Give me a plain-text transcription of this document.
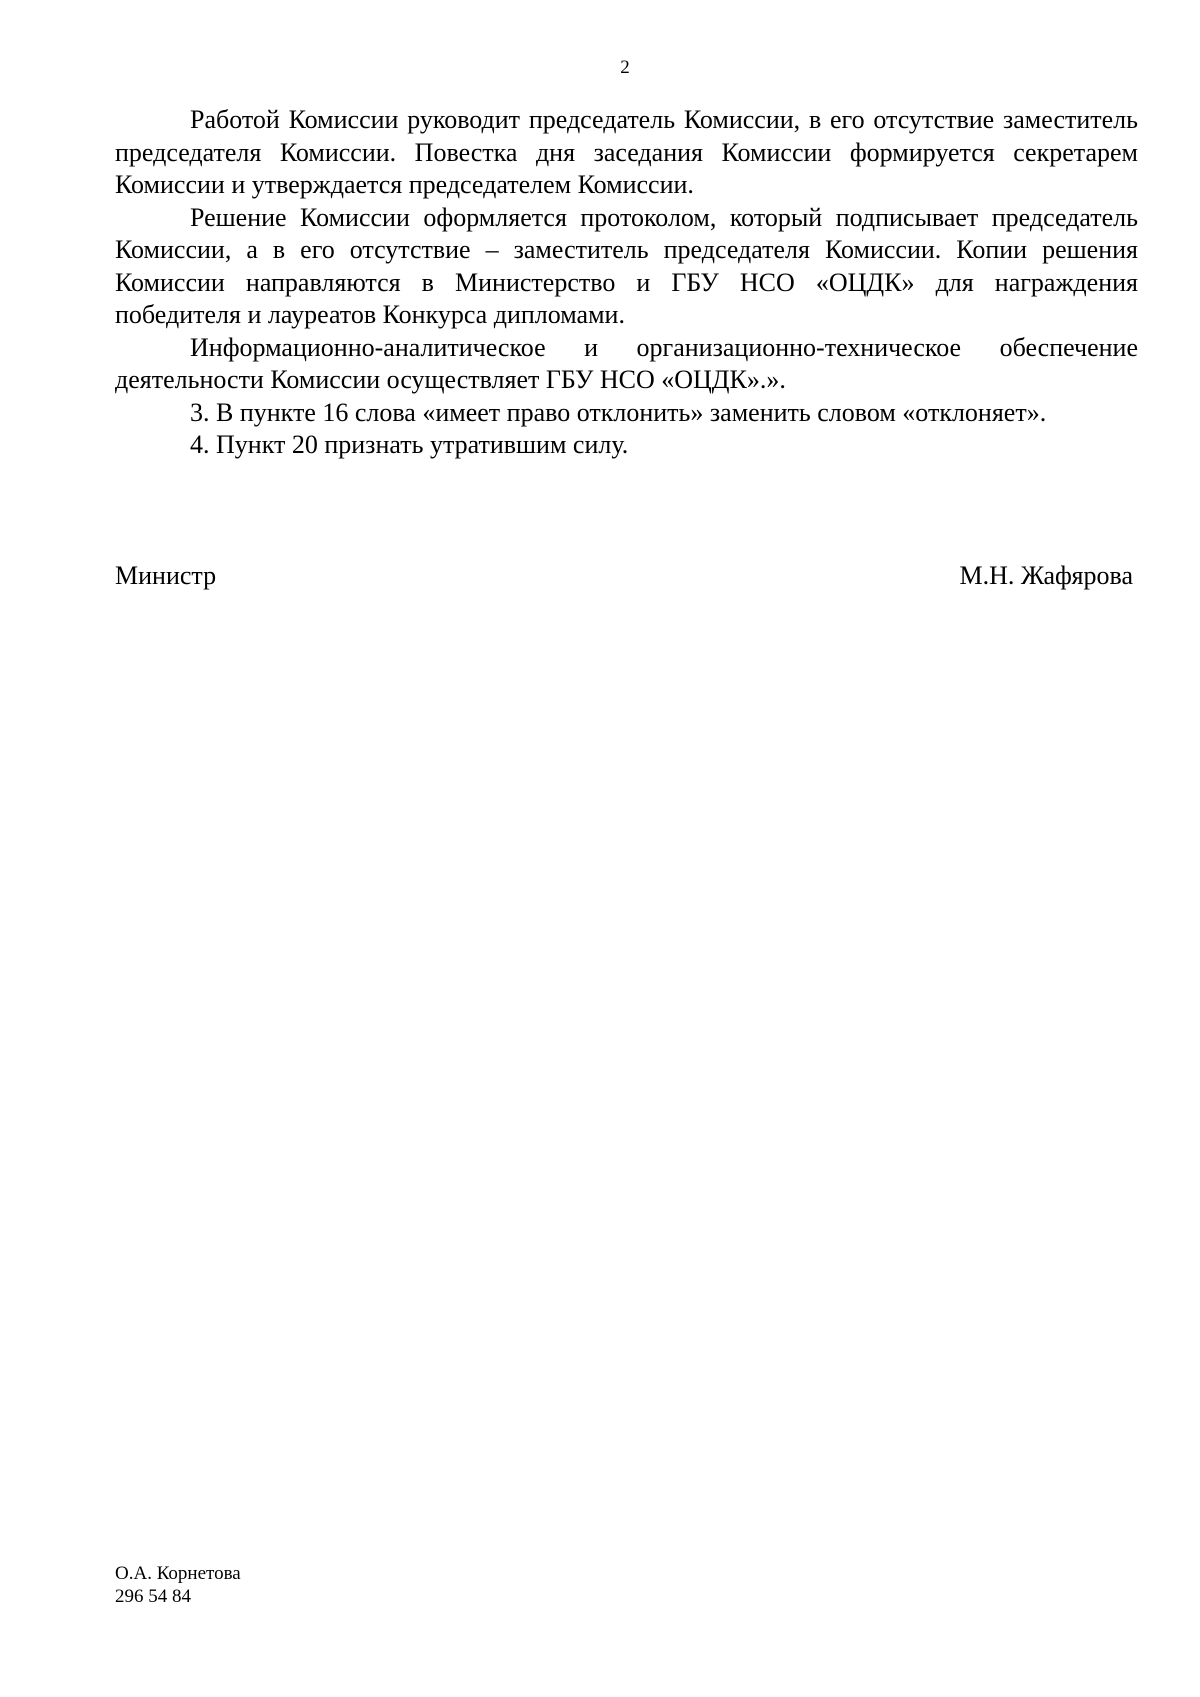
2

Работой Комиссии руководит председатель Комиссии, в его отсутствие заместитель председателя Комиссии. Повестка дня заседания Комиссии формируется секретарем Комиссии и утверждается председателем Комиссии.

Решение Комиссии оформляется протоколом, который подписывает председатель Комиссии, а в его отсутствие – заместитель председателя Комиссии. Копии решения Комиссии направляются в Министерство и ГБУ НСО «ОЦДК» для награждения победителя и лауреатов Конкурса дипломами.

Информационно-аналитическое и организационно-техническое обеспечение деятельности Комиссии осуществляет ГБУ НСО «ОЦДК».».

3. В пункте 16 слова «имеет право отклонить» заменить словом «отклоняет».

4. Пункт 20 признать утратившим силу.

Министр	М.Н. Жафярова
О.А. Корнетова
296 54 84
